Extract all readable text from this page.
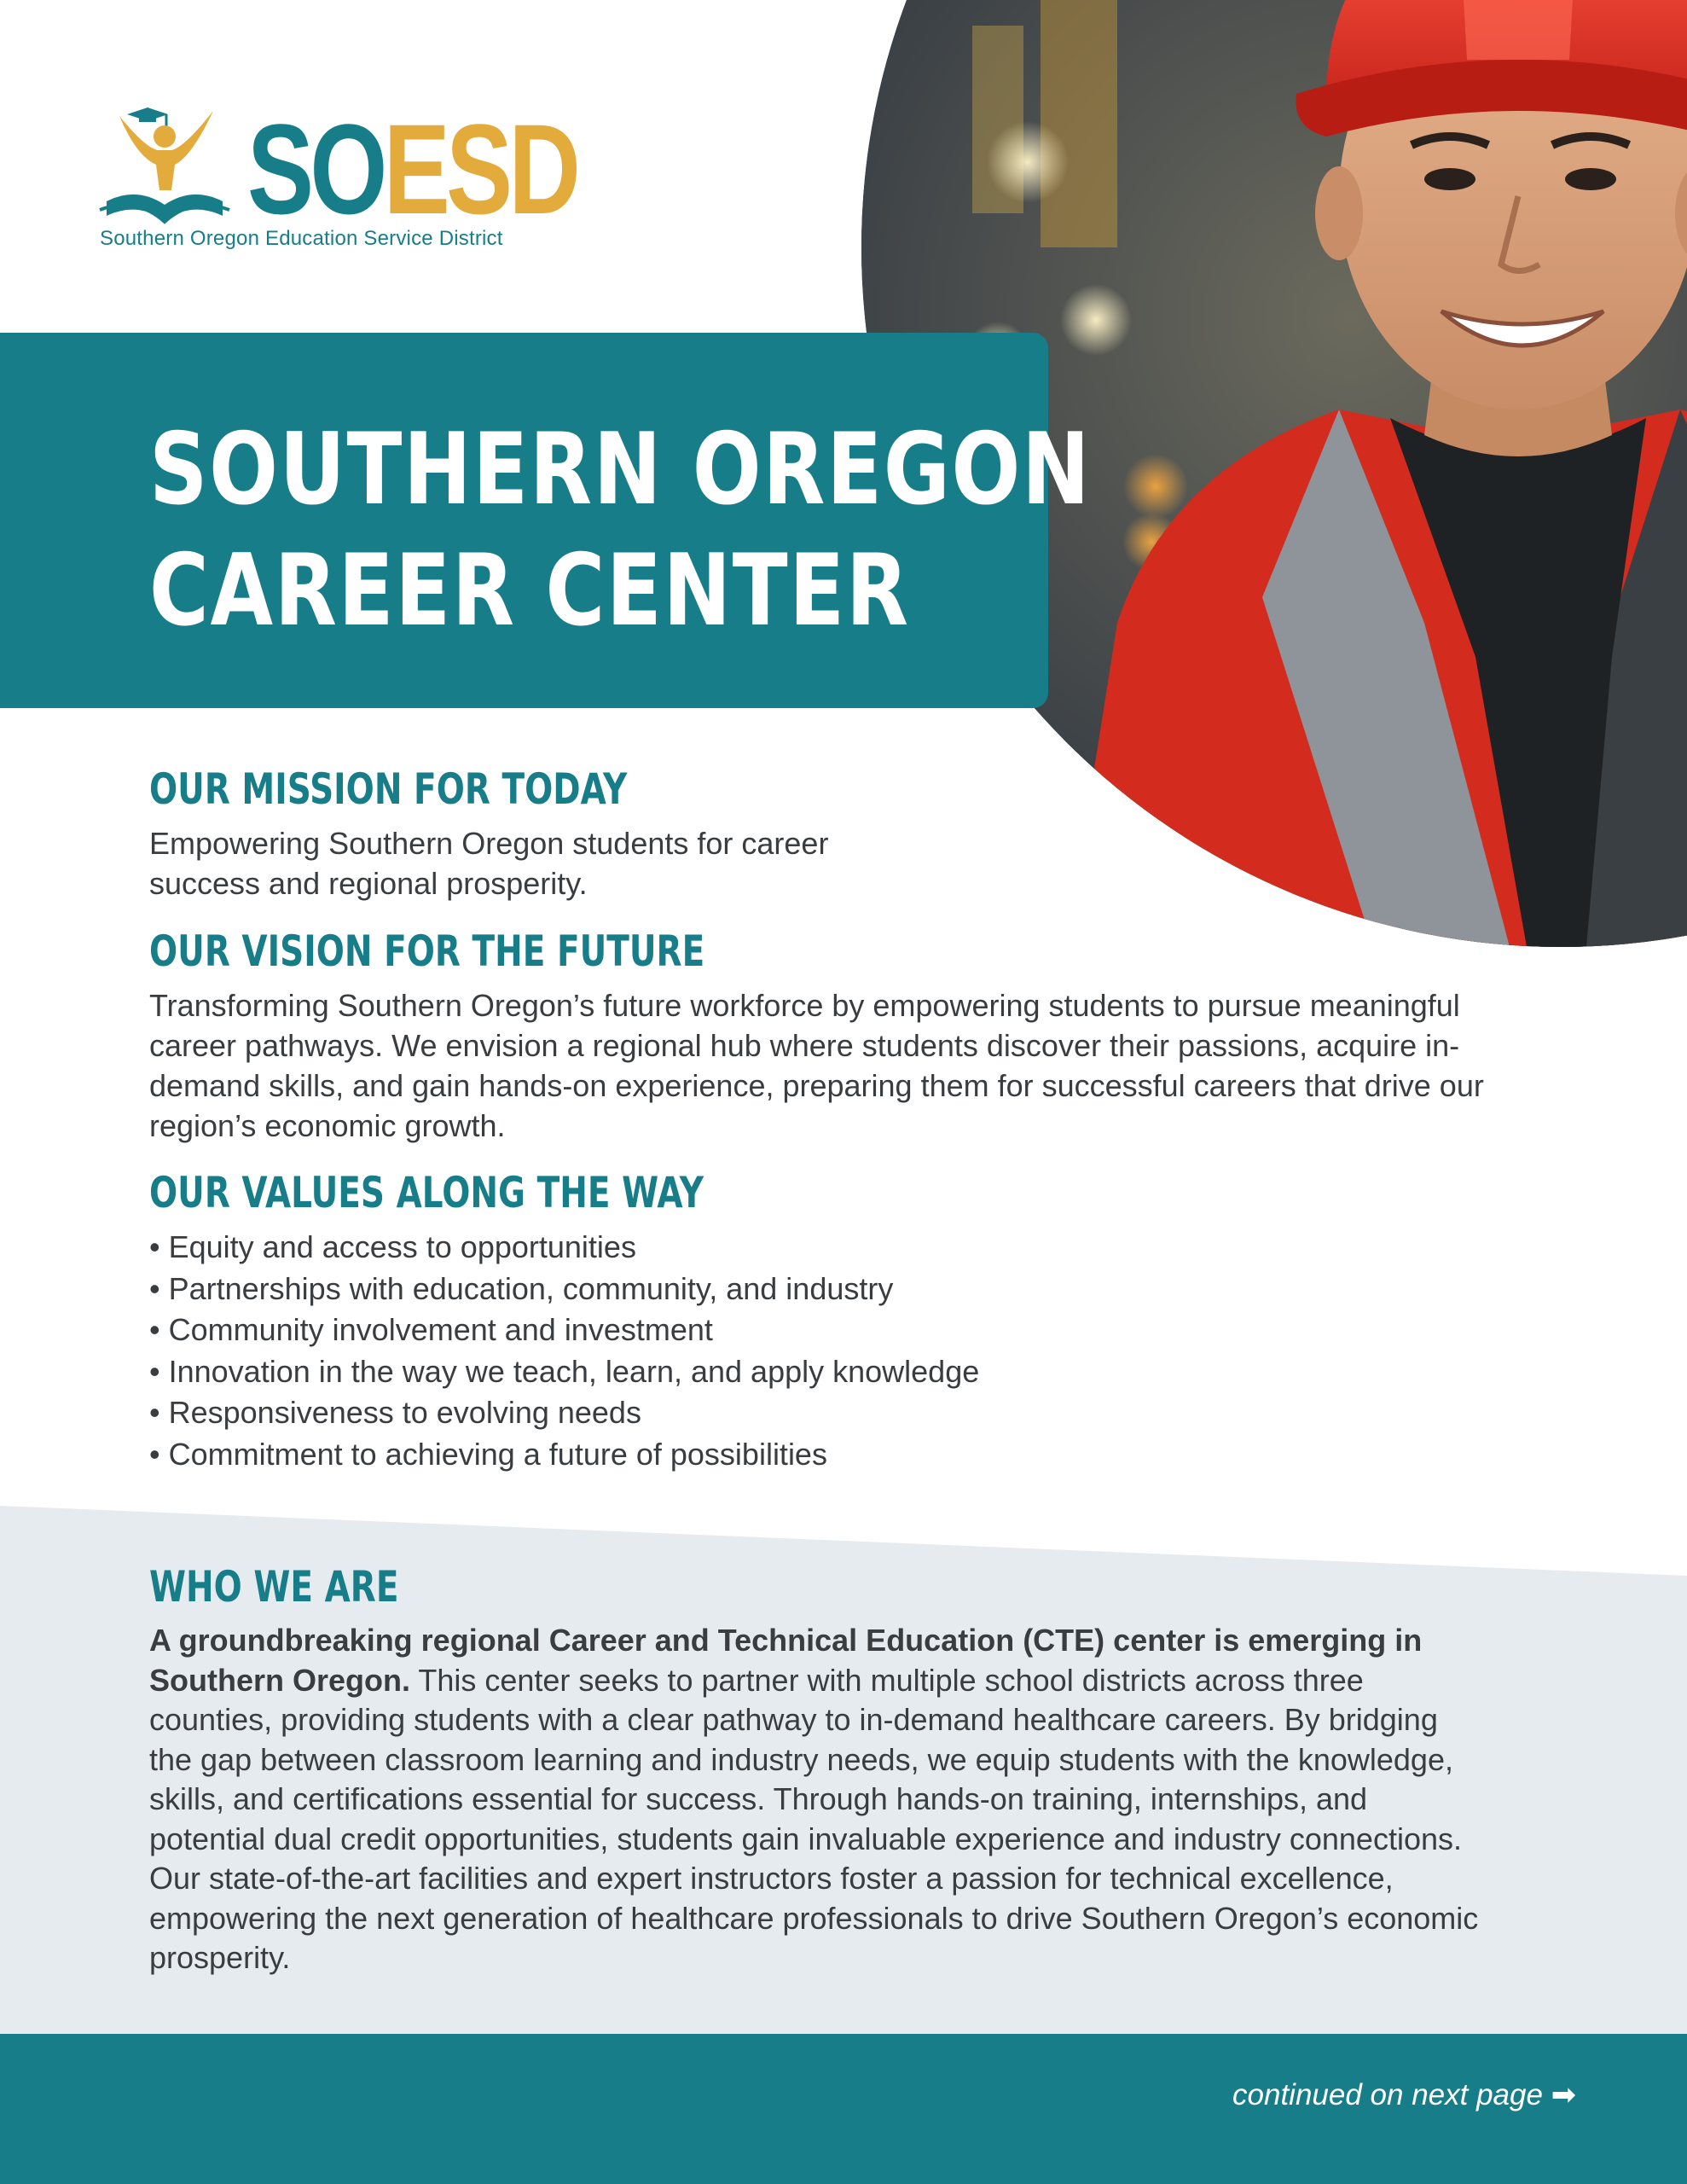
SOESD
Southern Oregon Education Service District
SOUTHERN OREGON
CAREER CENTER
OUR MISSION FOR TODAY

Empowering Southern Oregon students for career success and regional prosperity.

OUR VISION FOR THE FUTURE

Transforming Southern Oregon’s future workforce by empowering students to pursue meaningful career pathways. We envision a regional hub where students discover their passions, acquire in-demand skills, and gain hands-on experience, preparing them for successful careers that drive our region’s economic growth.

OUR VALUES ALONG THE WAY
• Equity and access to opportunities
• Partnerships with education, community, and industry
• Community involvement and investment
• Innovation in the way we teach, learn, and apply knowledge
• Responsiveness to evolving needs
• Commitment to achieving a future of possibilities
WHO WE ARE

A groundbreaking regional Career and Technical Education (CTE) center is emerging in Southern Oregon. This center seeks to partner with multiple school districts across three counties, providing students with a clear pathway to in-demand healthcare careers. By bridging the gap between classroom learning and industry needs, we equip students with the knowledge, skills, and certifications essential for success. Through hands-on training, internships, and potential dual credit opportunities, students gain invaluable experience and industry connections. Our state-of-the-art facilities and expert instructors foster a passion for technical excellence, empowering the next generation of healthcare professionals to drive Southern Oregon’s economic prosperity.

continued on next page ➡
